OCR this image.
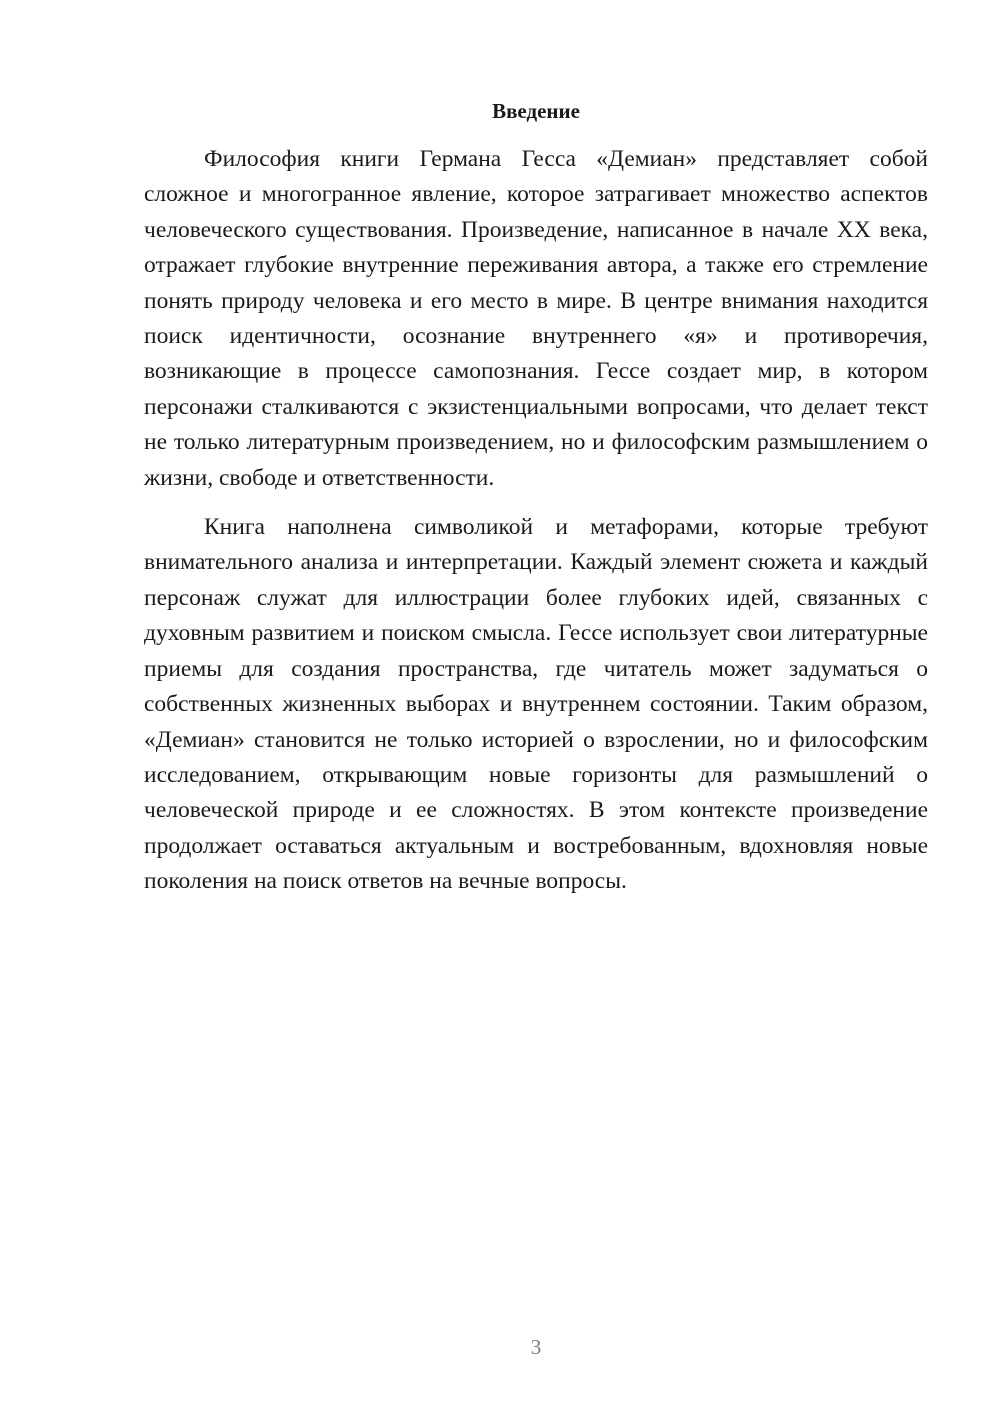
Введение

Философия книги Германа Гесса «Демиан» представляет собой сложное и многогранное явление, которое затрагивает множество аспектов человеческого существования. Произведение, написанное в начале XX века, отражает глубокие внутренние переживания автора, а также его стремление понять природу человека и его место в мире. В центре внимания находится поиск идентичности, осознание внутреннего «я» и противоречия, возникающие в процессе самопознания. Гессе создает мир, в котором персонажи сталкиваются с экзистенциальными вопросами, что делает текст не только литературным произведением, но и философским размышлением о жизни, свободе и ответственности.

Книга наполнена символикой и метафорами, которые требуют внимательного анализа и интерпретации. Каждый элемент сюжета и каждый персонаж служат для иллюстрации более глубоких идей, связанных с духовным развитием и поиском смысла. Гессе использует свои литературные приемы для создания пространства, где читатель может задуматься о собственных жизненных выборах и внутреннем состоянии. Таким образом, «Демиан» становится не только историей о взрослении, но и философским исследованием, открывающим новые горизонты для размышлений о человеческой природе и ее сложностях. В этом контексте произведение продолжает оставаться актуальным и востребованным, вдохновляя новые поколения на поиск ответов на вечные вопросы.

3
